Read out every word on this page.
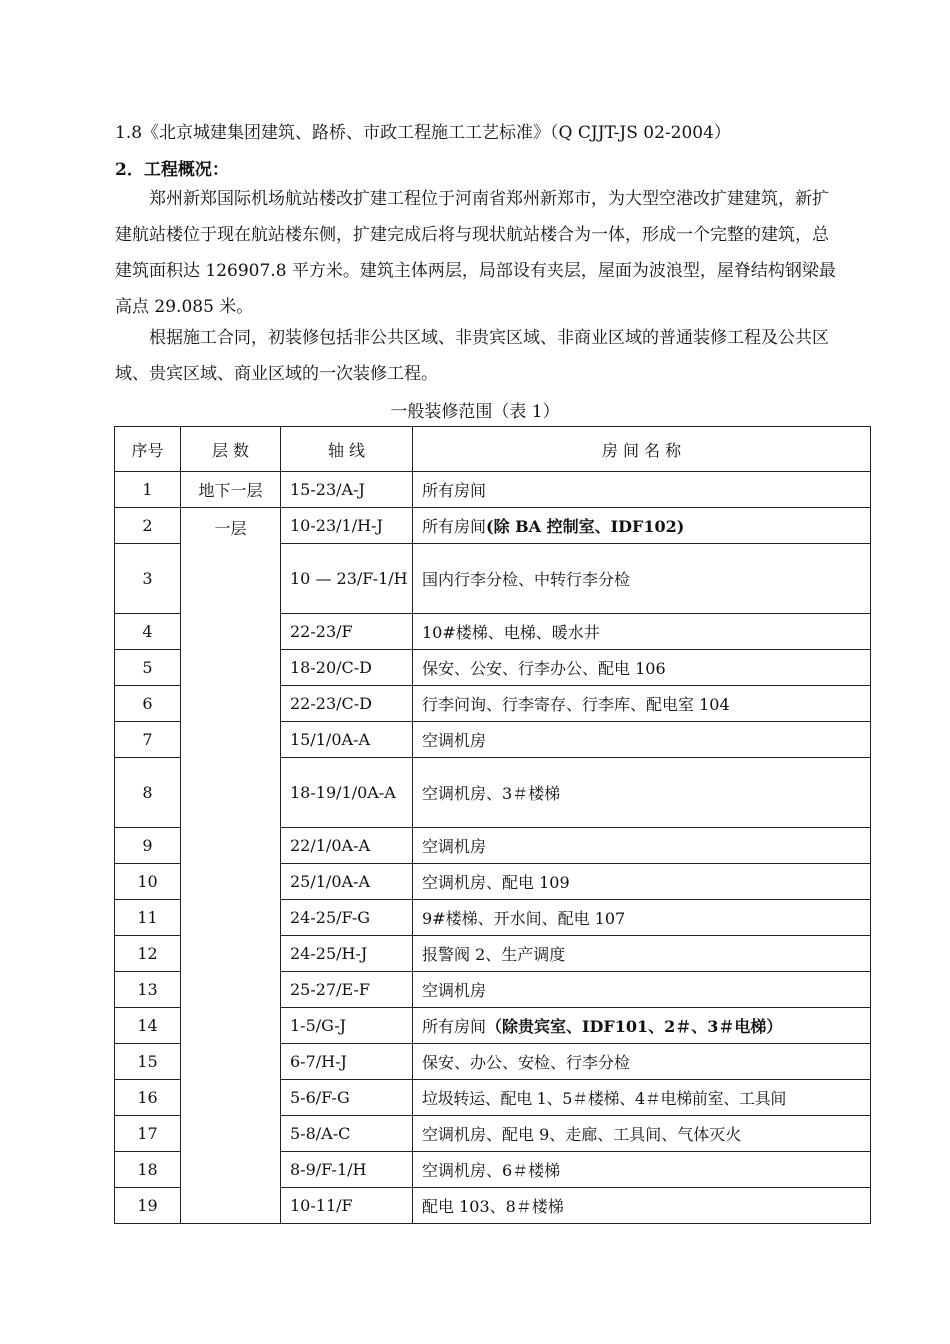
1.8《北京城建集团建筑、路桥、市政工程施工工艺标准》（Q CJJT-JS 02-2004）
2．工程概况：
郑州新郑国际机场航站楼改扩建工程位于河南省郑州新郑市，为大型空港改扩建建筑，新扩建航站楼位于现在航站楼东侧，扩建完成后将与现状航站楼合为一体，形成一个完整的建筑，总建筑面积达 126907.8 平方米。建筑主体两层，局部设有夹层，屋面为波浪型，屋脊结构钢梁最高点 29.085 米。
根据施工合同，初装修包括非公共区域、非贵宾区域、非商业区域的普通装修工程及公共区域、贵宾区域、商业区域的一次装修工程。
一般装修范围（表 1）
序号	层 数	轴 线	房 间 名 称
1	地下一层	15-23/A-J	所有房间
2	一层	10-23/1/H-J	所有房间(除 BA 控制室、IDF102)
3		10 — 23/F-1/H	国内行李分检、中转行李分检
4		22-23/F	10#楼梯、电梯、暖水井
5		18-20/C-D	保安、公安、行李办公、配电 106
6		22-23/C-D	行李问询、行李寄存、行李库、配电室 104
7		15/1/0A-A	空调机房
8		18-19/1/0A-A	空调机房、3＃楼梯
9		22/1/0A-A	空调机房
10		25/1/0A-A	空调机房、配电 109
11		24-25/F-G	9#楼梯、开水间、配电 107
12		24-25/H-J	报警阀 2、生产调度
13		25-27/E-F	空调机房
14		1-5/G-J	所有房间（除贵宾室、IDF101、2＃、3＃电梯）
15		6-7/H-J	保安、办公、安检、行李分检
16		5-6/F-G	垃圾转运、配电 1、5＃楼梯、4＃电梯前室、工具间
17		5-8/A-C	空调机房、配电 9、走廊、工具间、气体灭火
18		8-9/F-1/H	空调机房、6＃楼梯
19		10-11/F	配电 103、8＃楼梯
